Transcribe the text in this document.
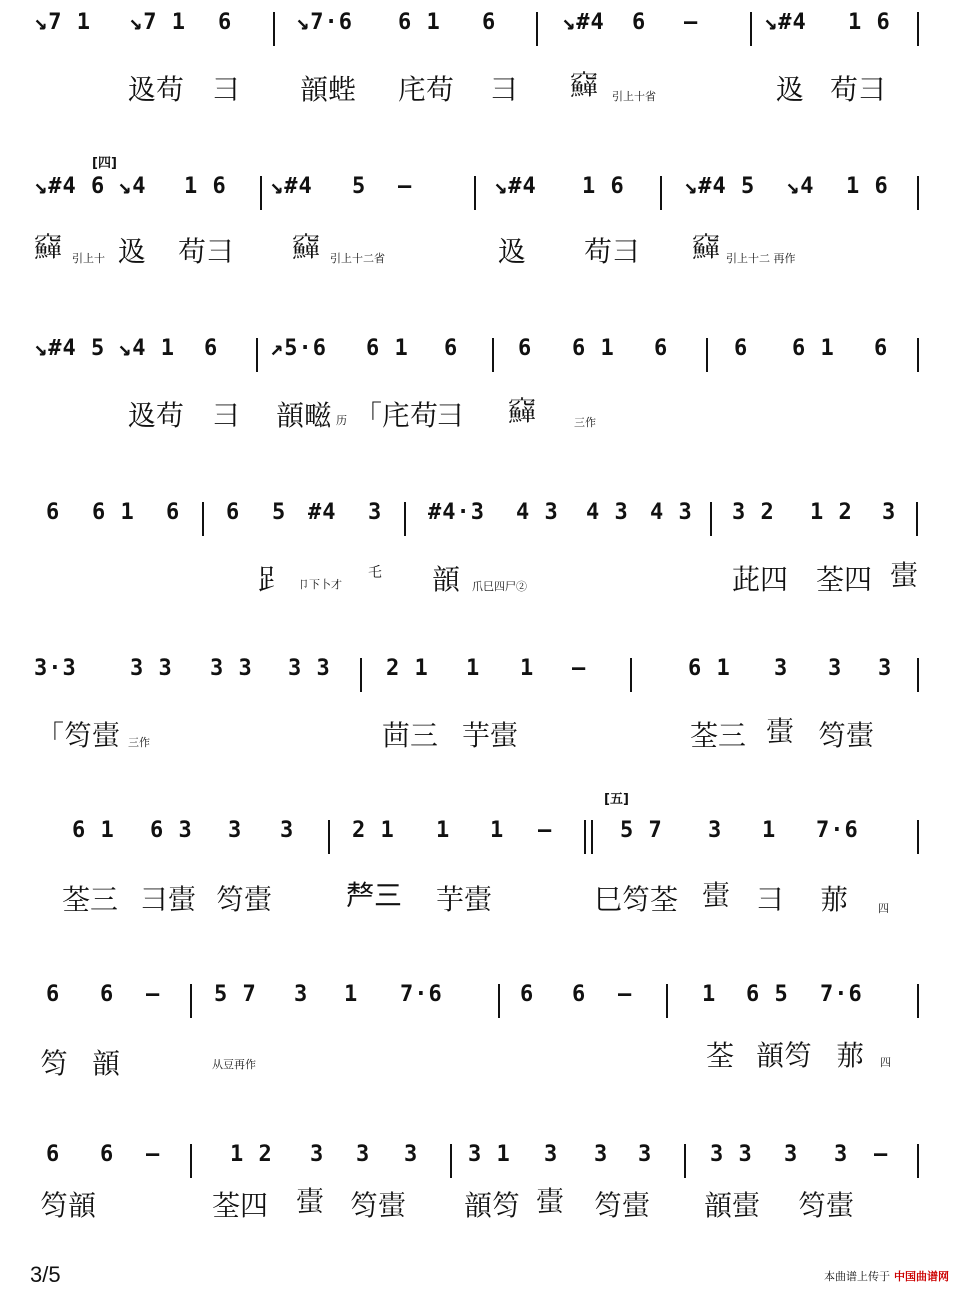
↘7 1 ↘7 1 6	↘7·6 6 1 6	↘#4 6 —	↘#4 1 6
﨤苟 彐 𩐳蜌 㡯苟 彐 𥩎 引上十省	﨤 苟彐
[四]
↘#4 6 ↘4 1 6 ↘#4 5 —	↘#4 1 6	↘#4 5 ↘4 1 6
𥩎 引上十 﨤 苟彐 𥩎 引上十二省	﨤 苟彐 𥩎 引上十二 再作
↘#4 5 ↘4 1 6 ↗5·6 6 1 6	6 6 1 6	6 6 1 6
﨤苟 彐 𩐳㽧 历 「㡯苟
彐 𥩎	三作
6 6 1 6 6 5 #4 3 #4·3 4 3 4 3 4 3 3 2 1 2 3
𧾷 卩下卜才
乇 𩐳 爪巳四尸②	茈四 荃四 𧏋
3·3 3 3 3 3 3 3	2 1 1 1 —	6 1 3 3 3
「笉𧏋 三作	茴三 芋𧏋	荃三 𧏋 笉𧏋
[五]
6 1 6 3 3 3	2 1 1 1 —	5 7 3 1 7·6
荃三 彐𧏋 笉𧏋	𠩺三 芋𧏋	巳笉荃 𧏋 彐 𦰡	四
6 6 — 5 7 3 1 7·6	6 6 —	1 6 5 7·6
笉 𩐳	从豆再作	荃 𩐳笉 𦰡 四
6 6 —	1 2 3 3 3 3 1 3 3 3	3 3 3 3 —
笉𩐳	荃四 𧏋 笉𧏋 𩐳笉 𧏋 笉𧏋 𩐳𧏋 笉𧏋
3/5	本曲谱上传于 中国曲谱网
